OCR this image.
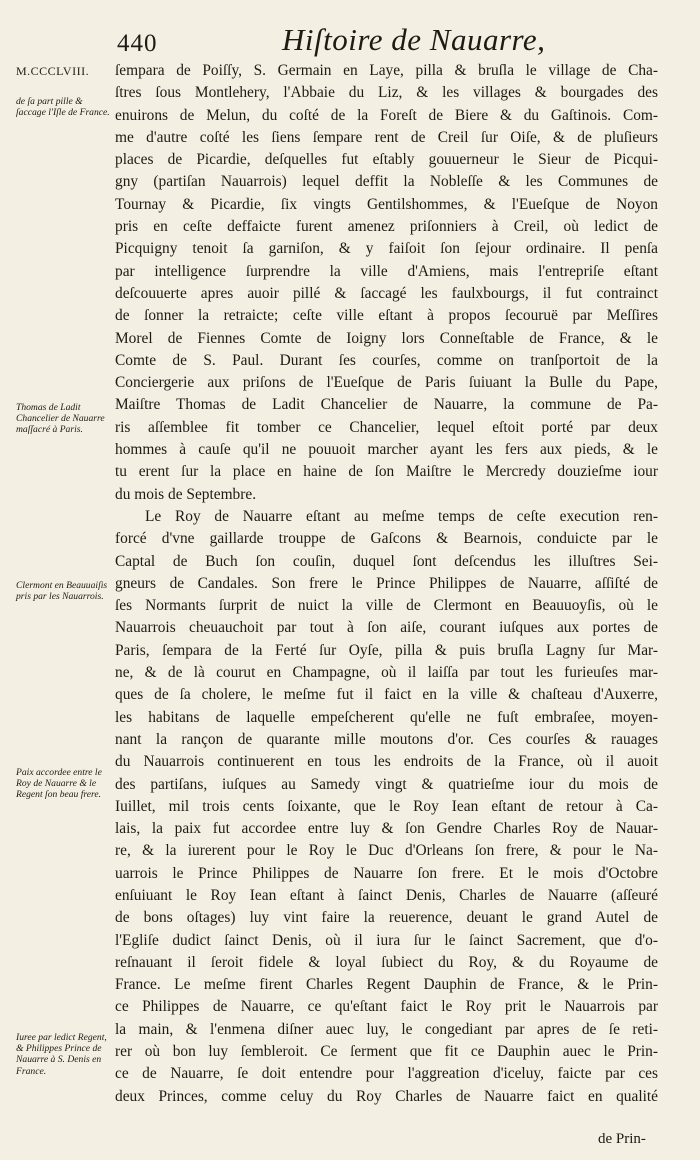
440	Hiſtoire de Nauarre,
M.CCCLVIII.
de ſa part pille & ſaccage l'Iſle de France.
Thomas de Ladit Chancelier de Nauarre maſſacré à Paris.
Clermont en Beauuaiſis pris par les Nauarrois.
Paix accordee entre le Roy de Nauarre & le Regent ſon beau frere.
Iuree par ledict Regent, & Philippes Prince de Nauarre à S. Denis en France.
ſempara de Poiſſy, S. Germain en Laye, pilla & bruſla le village de Cha-
ſtres ſous Montlehery, l'Abbaie du Liz, & les villages & bourgades des
enuirons de Melun, du coſté de la Foreſt de Biere & du Gaſtinois. Com-
me d'autre coſté les ſiens ſempare rent de Creil ſur Oiſe, & de pluſieurs
places de Picardie, deſquelles fut eſtably gouuerneur le Sieur de Picqui-
gny (partiſan Nauarrois) lequel deffit la Nobleſſe & les Communes de
Tournay & Picardie, ſix vingts Gentilshommes, & l'Eueſque de Noyon
pris en ceſte deffaicte furent amenez priſonniers à Creil, où ledict de
Picquigny tenoit ſa garniſon, & y faiſoit ſon ſejour ordinaire. Il penſa
par intelligence ſurprendre la ville d'Amiens, mais l'entrepriſe eſtant
deſcouuerte apres auoir pillé & ſaccagé les faulxbourgs, il fut contrainct
de ſonner la retraicte; ceſte ville eſtant à propos ſecouruë par Meſſires
Morel de Fiennes Comte de Ioigny lors Conneſtable de France, & le
Comte de S. Paul. Durant ſes courſes, comme on tranſportoit de la
Conciergerie aux priſons de l'Eueſque de Paris ſuiuant la Bulle du Pape,
Maiſtre Thomas de Ladit Chancelier de Nauarre, la commune de Pa-
ris aſſemblee fit tomber ce Chancelier, lequel eſtoit porté par deux
hommes à cauſe qu'il ne pouuoit marcher ayant les fers aux pieds, & le
tu erent ſur la place en haine de ſon Maiſtre le Mercredy douzieſme iour
du mois de Septembre.
Le Roy de Nauarre eſtant au meſme temps de ceſte execution ren-
forcé d'vne gaillarde trouppe de Gaſcons & Bearnois, conduicte par le
Captal de Buch ſon couſin, duquel ſont deſcendus les illuſtres Sei-
gneurs de Candales. Son frere le Prince Philippes de Nauarre, aſſiſté de
ſes Normants ſurprit de nuict la ville de Clermont en Beauuoyſis, où le
Nauarrois cheuauchoit par tout à ſon aiſe, courant iuſques aux portes de
Paris, ſempara de la Ferté ſur Oyſe, pilla & puis bruſla Lagny ſur Mar-
ne, & de là courut en Champagne, où il laiſſa par tout les furieuſes mar-
ques de ſa cholere, le meſme fut il faict en la ville & chaſteau d'Auxerre,
les habitans de laquelle empeſcherent qu'elle ne fuſt embraſee, moyen-
nant la rançon de quarante mille moutons d'or. Ces courſes & rauages
du Nauarrois continuerent en tous les endroits de la France, où il auoit
des partiſans, iuſques au Samedy vingt & quatrieſme iour du mois de
Iuillet, mil trois cents ſoixante, que le Roy Iean eſtant de retour à Ca-
lais, la paix fut accordee entre luy & ſon Gendre Charles Roy de Nauar-
re, & la iurerent pour le Roy le Duc d'Orleans ſon frere, & pour le Na-
uarrois le Prince Philippes de Nauarre ſon frere. Et le mois d'Octobre
enſuiuant le Roy Iean eſtant à ſainct Denis, Charles de Nauarre (aſſeuré
de bons oſtages) luy vint faire la reuerence, deuant le grand Autel de
l'Egliſe dudict ſainct Denis, où il iura ſur le ſainct Sacrement, que d'o-
reſnauant il ſeroit fidele & loyal ſubiect du Roy, & du Royaume de
France. Le meſme firent Charles Regent Dauphin de France, & le Prin-
ce Philippes de Nauarre, ce qu'eſtant faict le Roy prit le Nauarrois par
la main, & l'enmena diſner auec luy, le congediant par apres de ſe reti-
rer où bon luy ſembleroit. Ce ſerment que fit ce Dauphin auec le Prin-
ce de Nauarre, ſe doit entendre pour l'aggreation d'iceluy, faicte par ces
deux Princes, comme celuy du Roy Charles de Nauarre faict en qualité
de Prin-
